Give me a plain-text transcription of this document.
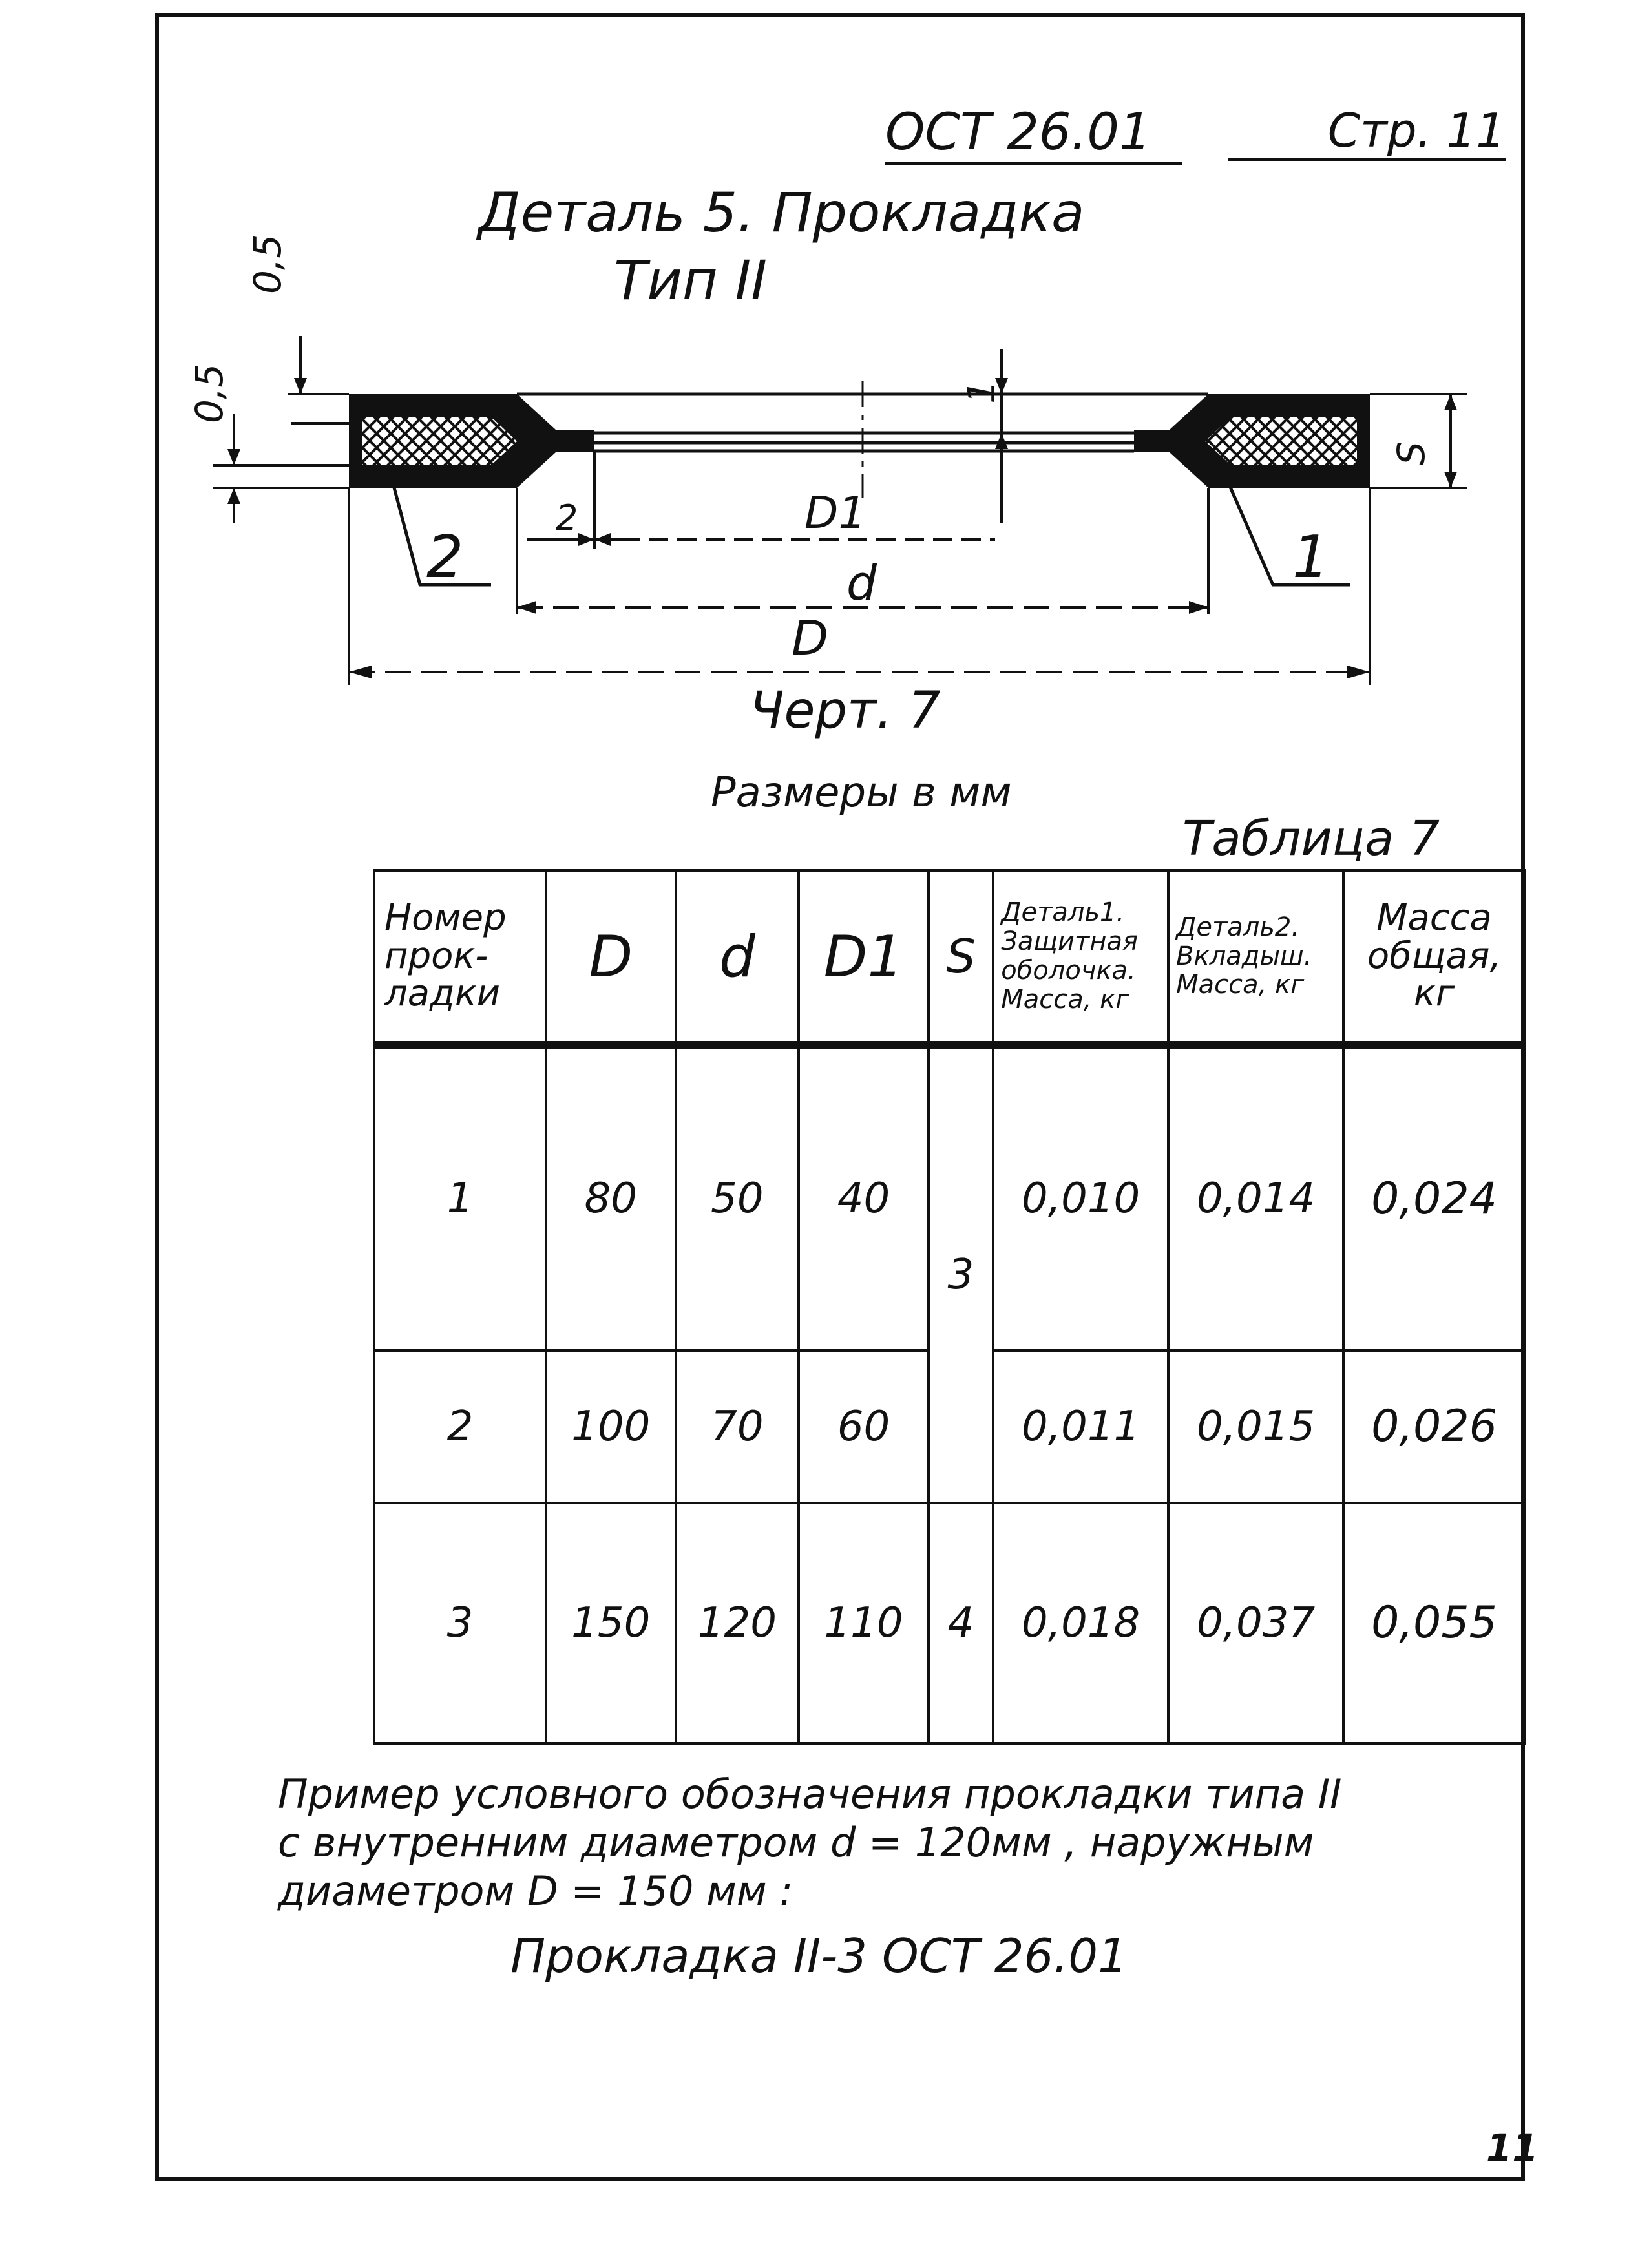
ОСТ 26.01	Стр. 11
Деталь 5. Прокладка
Тип II
0,5
0,5	1
S
2	D1
d
D
2	1
Черт. 7
Размеры в мм
Таблица 7
Номер прок- ладки	D	d	D1	S	Деталь1. Защитная оболочка. Масса, кг	Деталь2. Вкладыш. Масса, кг	Масса общая, кг
1	80	50	40	3	0,010	0,014	0,024
2	100	70	60		0,011	0,015	0,026
3	150	120	110	4	0,018	0,037	0,055
Пример условного обозначения прокладки типа II
с внутренним диаметром d = 120мм , наружным
диаметром D = 150 мм :
Прокладка II-3 ОСТ 26.01
11
